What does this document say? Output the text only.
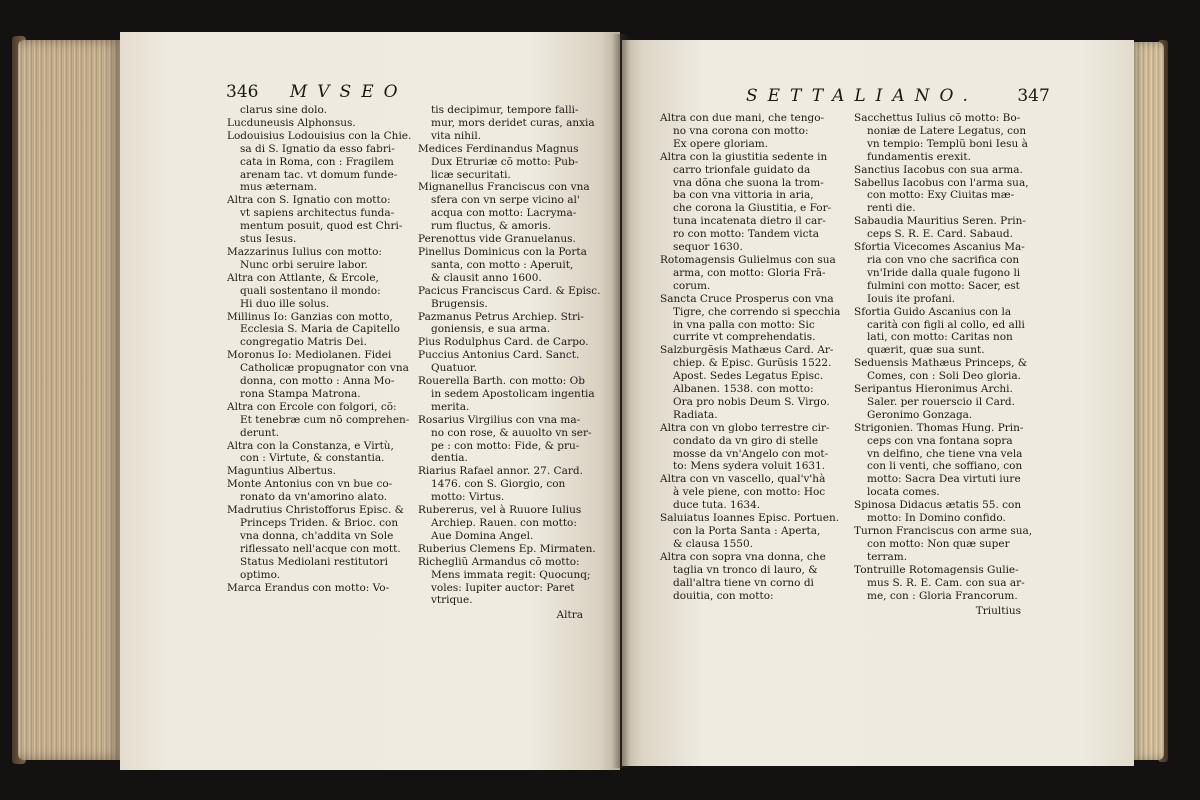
346 MVSEO
clarus sine dolo.
Lucduneusis Alphonsus.
Lodouisius Lodouisius con la Chie.
sa di S. Ignatio da esso fabri-
cata in Roma, con : Fragilem
arenam tac. vt domum funde-
mus æternam.
Altra con S. Ignatio con motto:
vt sapiens architectus funda-
mentum posuit, quod est Chri-
stus Iesus.
Mazzarinus Iulius con motto:
Nunc orbi seruire labor.
Altra con Attlante, & Ercole,
quali sostentano il mondo:
Hi duo ille solus.
Millinus Io: Ganzias con motto,
Ecclesia S. Maria de Capitello
congregatio Matris Dei.
Moronus Io: Mediolanen. Fidei
Catholicæ propugnator con vna
donna, con motto : Anna Mo-
rona Stampa Matrona.
Altra con Ercole con folgori, cõ:
Et tenebræ cum nõ comprehen-
derunt.
Altra con la Constanza, e Virtù,
con : Virtute, & constantia.
Maguntius Albertus.
Monte Antonius con vn bue co-
ronato da vn'amorino alato.
Madrutius Christofforus Episc. &
Princeps Triden. & Brioc. con
vna donna, ch'addita vn Sole
riflessato nell'acque con mott.
Status Mediolani restitutori
optimo.
Marca Erandus con motto: Vo-
tis decipimur, tempore falli-
mur, mors deridet curas, anxia
vita nihil.
Medices Ferdinandus Magnus
Dux Etruriæ cõ motto: Pub-
licæ securitati.
Mignanellus Franciscus con vna
sfera con vn serpe vicino al'
acqua con motto: Lacryma-
rum fluctus, & amoris.
Perenottus vide Granuelanus.
Pinellus Dominicus con la Porta
santa, con motto : Aperuit,
& clausit anno 1600.
Pacicus Franciscus Card. & Episc.
Brugensis.
Pazmanus Petrus Archiep. Stri-
goniensis, e sua arma.
Pius Rodulphus Card. de Carpo.
Puccius Antonius Card. Sanct.
Quatuor.
Rouerella Barth. con motto: Ob
in sedem Apostolicam ingentia
merita.
Rosarius Virgilius con vna ma-
no con rose, & auuolto vn ser-
pe : con motto: Fide, & pru-
dentia.
Riarius Rafael annor. 27. Card.
1476. con S. Giorgio, con
motto: Virtus.
Rubererus, vel à Ruuore Iulius
Archiep. Rauen. con motto:
Aue Domina Angel.
Ruberius Clemens Ep. Mirmaten.
Richegliũ Armandus cõ motto:
Mens immata regit: Quocunq;
voles: Iupiter auctor: Paret
vtrique.
Altra
SETTALIANO. 347
Altra con due mani, che tengo-
no vna corona con motto:
Ex opere gloriam.
Altra con la giustitia sedente in
carro trionfale guidato da
vna dõna che suona la trom-
ba con vna vittoria in aria,
che corona la Giustitia, e For-
tuna incatenata dietro il car-
ro con motto: Tandem victa
sequor 1630.
Rotomagensis Gulielmus con sua
arma, con motto: Gloria Frã-
corum.
Sancta Cruce Prosperus con vna
Tigre, che correndo si specchia
in vna palla con motto: Sic
currite vt comprehendatis.
Salzburgẽsis Mathæus Card. Ar-
chiep. & Episc. Gurũsis 1522.
Apost. Sedes Legatus Episc.
Albanen. 1538. con motto:
Ora pro nobis Deum S. Virgo.
Radiata.
Altra con vn globo terrestre cir-
condato da vn giro di stelle
mosse da vn'Angelo con mot-
to: Mens sydera voluit 1631.
Altra con vn vascello, qual'v'hà
à vele piene, con motto: Hoc
duce tuta. 1634.
Saluiatus Ioannes Episc. Portuen.
con la Porta Santa : Aperta,
& clausa 1550.
Altra con sopra vna donna, che
taglia vn tronco di lauro, &
dall'altra tiene vn corno di
douitia, con motto:
Sacchettus Iulius cõ motto: Bo-
noniæ de Latere Legatus, con
vn tempio: Templũ boni Iesu à
fundamentis erexit.
Sanctius Iacobus con sua arma.
Sabellus Iacobus con l'arma sua,
con motto: Exy Ciuitas mæ-
renti die.
Sabaudia Mauritius Seren. Prin-
ceps S. R. E. Card. Sabaud.
Sfortia Vicecomes Ascanius Ma-
ria con vno che sacrifica con
vn'Iride dalla quale fugono li
fulmini con motto: Sacer, est
Iouis ite profani.
Sfortia Guido Ascanius con la
carità con figli al collo, ed alli
lati, con motto: Caritas non
quærit, quæ sua sunt.
Seduensis Mathæus Princeps, &
Comes, con : Soli Deo gloria.
Seripantus Hieronimus Archi.
Saler. per rouerscio il Card.
Geronimo Gonzaga.
Strigonien. Thomas Hung. Prin-
ceps con vna fontana sopra
vn delfino, che tiene vna vela
con li venti, che soffiano, con
motto: Sacra Dea virtuti iure
locata comes.
Spinosa Didacus ætatis 55. con
motto: In Domino confido.
Turnon Franciscus con arme sua,
con motto: Non quæ super
terram.
Tontruille Rotomagensis Gulie-
mus S. R. E. Cam. con sua ar-
me, con : Gloria Francorum.
Triultius
